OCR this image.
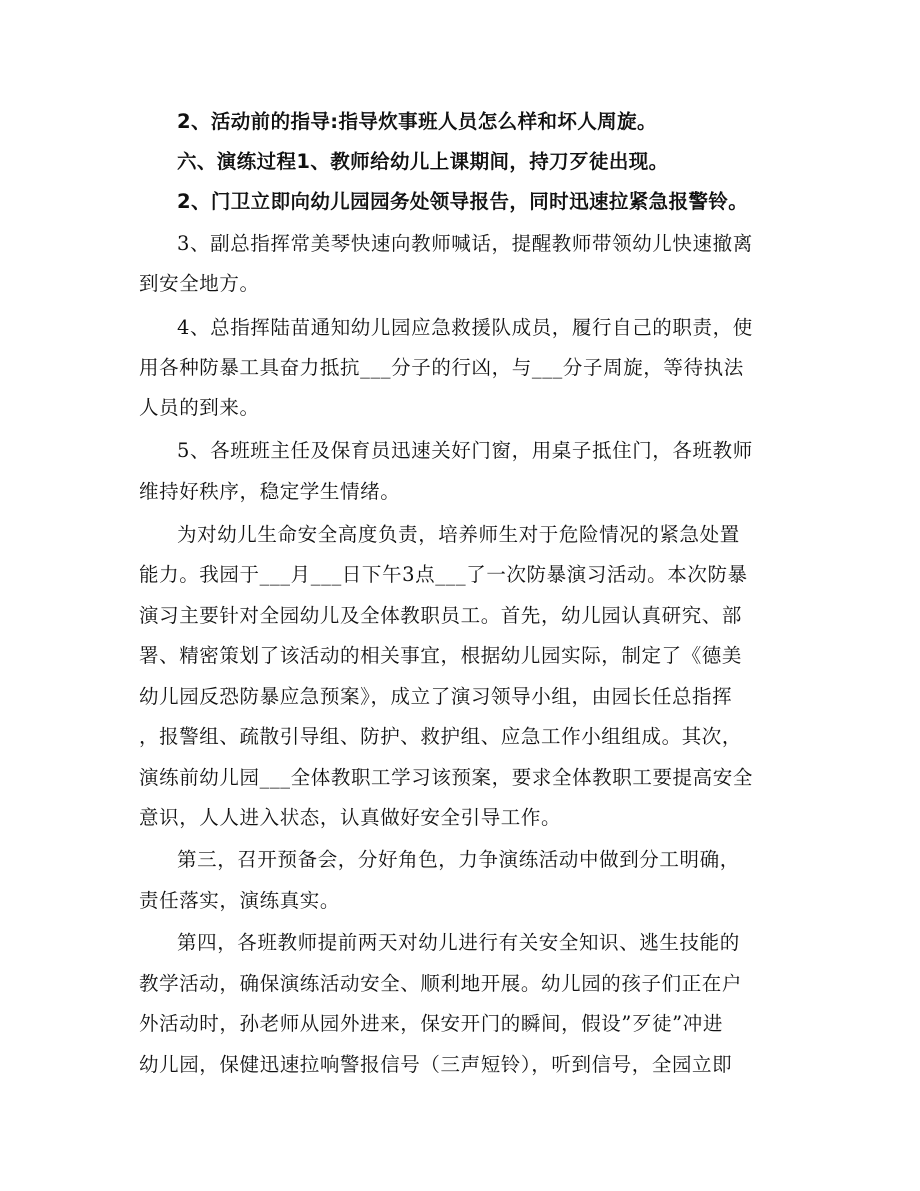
2、活动前的指导:指导炊事班人员怎么样和坏人周旋。
六、演练过程1、教师给幼儿上课期间，持刀歹徒出现。
2、门卫立即向幼儿园园务处领导报告，同时迅速拉紧急报警铃。
3、副总指挥常美琴快速向教师喊话，提醒教师带领幼儿快速撤离
到安全地方。
4、总指挥陆苗通知幼儿园应急救援队成员，履行自己的职责，使
用各种防暴工具奋力抵抗___分子的行凶，与___分子周旋，等待执法
人员的到来。
5、各班班主任及保育员迅速关好门窗，用桌子抵住门，各班教师
维持好秩序，稳定学生情绪。
为对幼儿生命安全高度负责，培养师生对于危险情况的紧急处置
能力。我园于___月___日下午3点___了一次防暴演习活动。本次防暴
演习主要针对全园幼儿及全体教职员工。首先，幼儿园认真研究、部
署、精密策划了该活动的相关事宜，根据幼儿园实际，制定了《德美
幼儿园反恐防暴应急预案》，成立了演习领导小组，由园长任总指挥
，报警组、疏散引导组、防护、救护组、应急工作小组组成。其次，
演练前幼儿园___全体教职工学习该预案，要求全体教职工要提高安全
意识，人人进入状态，认真做好安全引导工作。
第三，召开预备会，分好角色，力争演练活动中做到分工明确，
责任落实，演练真实。
第四，各班教师提前两天对幼儿进行有关安全知识、逃生技能的
教学活动，确保演练活动安全、顺利地开展。幼儿园的孩子们正在户
外活动时，孙老师从园外进来，保安开门的瞬间，假设”歹徒”冲进
幼儿园，保健迅速拉响警报信号（三声短铃），听到信号，全园立即
